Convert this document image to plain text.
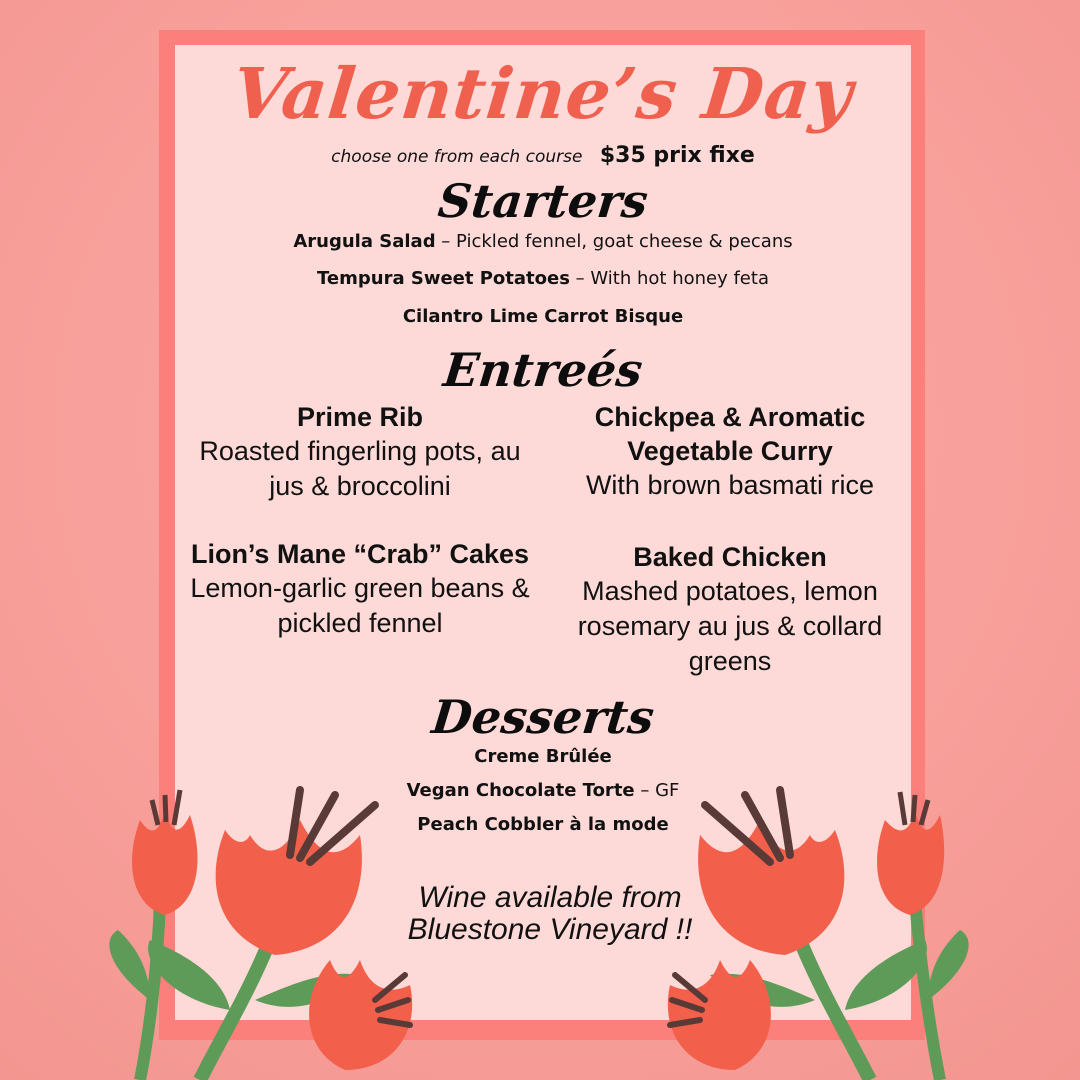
Valentine’s Day
choose one from each course $35 prix fixe
Starters
Arugula Salad – Pickled fennel, goat cheese & pecans
Tempura Sweet Potatoes – With hot honey feta
Cilantro Lime Carrot Bisque
Entreés
Prime Rib
Roasted fingerling pots, au jus & broccolini
Chickpea & Aromatic Vegetable Curry
With brown basmati rice
Lion’s Mane “Crab” Cakes
Lemon-garlic green beans & pickled fennel
Baked Chicken
Mashed potatoes, lemon rosemary au jus & collard greens
Desserts
Creme Brûlée
Vegan Chocolate Torte – GF
Peach Cobbler à la mode
Wine available from Bluestone Vineyard !!
